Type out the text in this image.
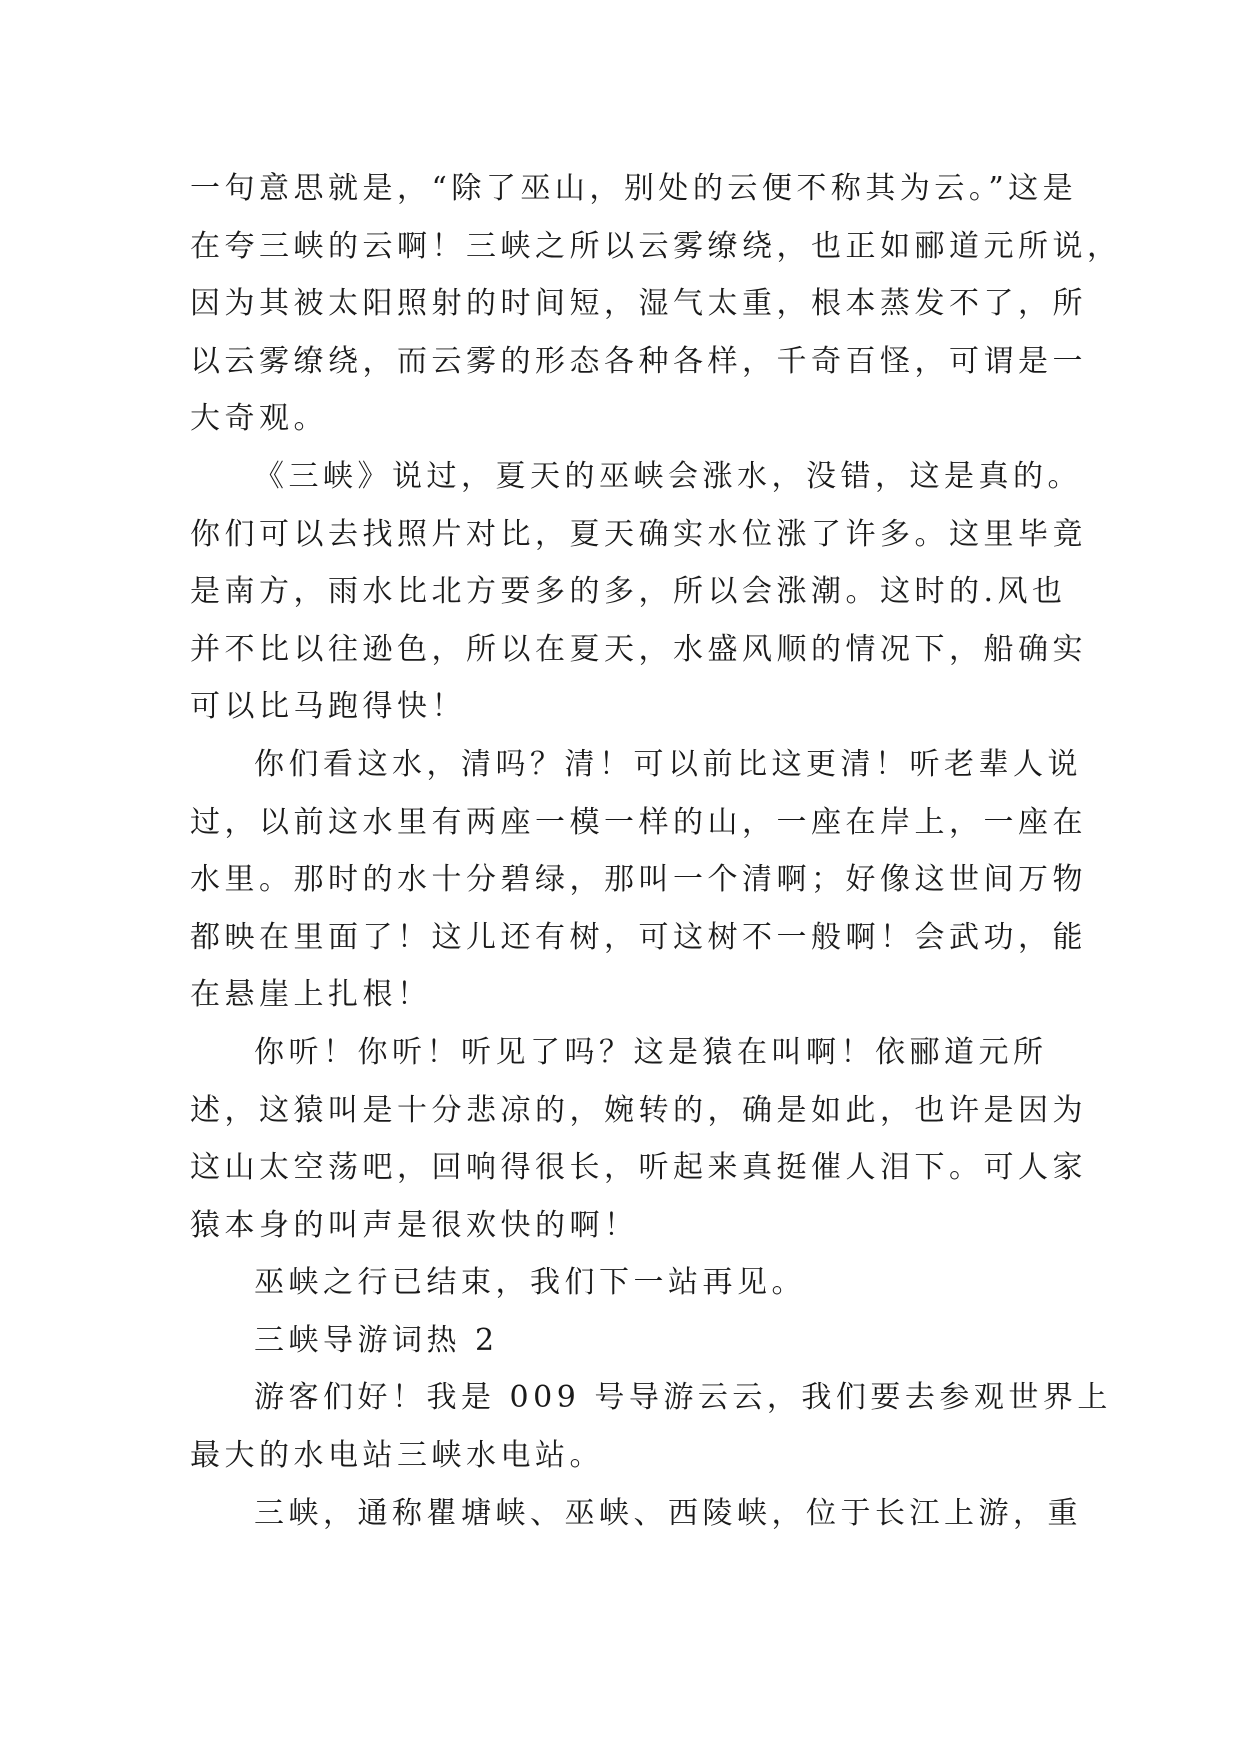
一句意思就是，“除了巫山，别处的云便不称其为云。”这是
在夸三峡的云啊！三峡之所以云雾缭绕，也正如郦道元所说，
因为其被太阳照射的时间短，湿气太重，根本蒸发不了，所
以云雾缭绕，而云雾的形态各种各样，千奇百怪，可谓是一
大奇观。
《三峡》说过，夏天的巫峡会涨水，没错，这是真的。
你们可以去找照片对比，夏天确实水位涨了许多。这里毕竟
是南方，雨水比北方要多的多，所以会涨潮。这时的.风也
并不比以往逊色，所以在夏天，水盛风顺的情况下，船确实
可以比马跑得快！
你们看这水，清吗？清！可以前比这更清！听老辈人说
过，以前这水里有两座一模一样的山，一座在岸上，一座在
水里。那时的水十分碧绿，那叫一个清啊；好像这世间万物
都映在里面了！这儿还有树，可这树不一般啊！会武功，能
在悬崖上扎根！
你听！你听！听见了吗？这是猿在叫啊！依郦道元所
述，这猿叫是十分悲凉的，婉转的，确是如此，也许是因为
这山太空荡吧，回响得很长，听起来真挺催人泪下。可人家
猿本身的叫声是很欢快的啊！
巫峡之行已结束，我们下一站再见。
三峡导游词热 2
游客们好！我是 009 号导游云云，我们要去参观世界上
最大的水电站三峡水电站。
三峡，通称瞿塘峡、巫峡、西陵峡，位于长江上游，重
